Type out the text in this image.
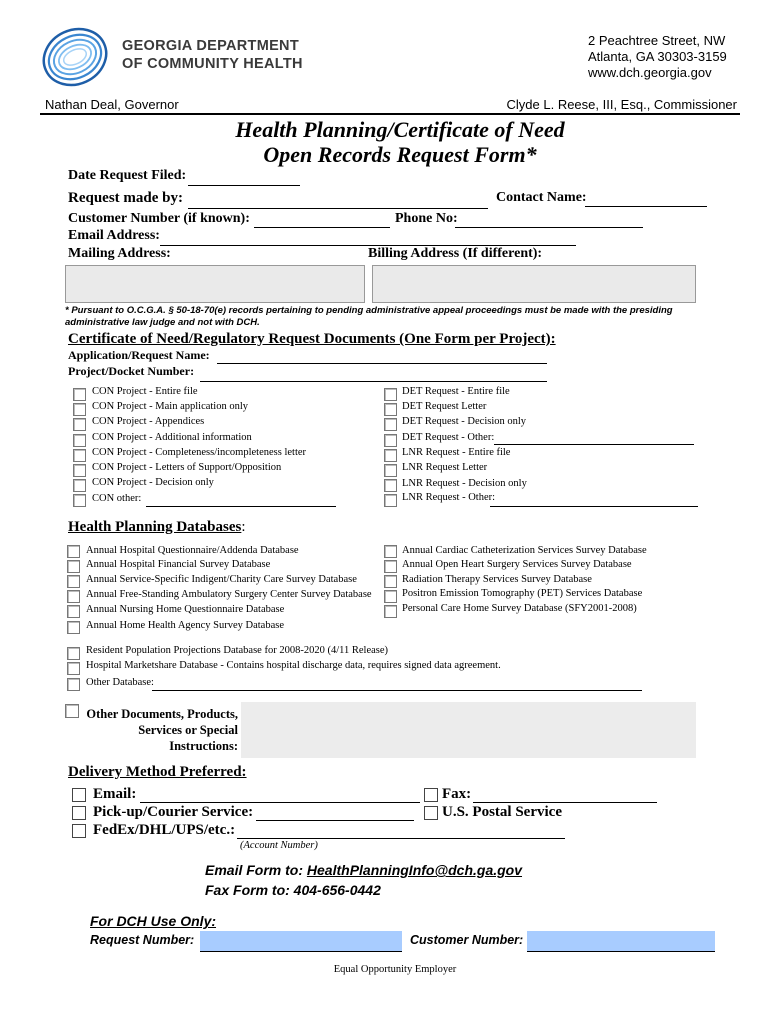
GEORGIA DEPARTMENT
OF COMMUNITY HEALTH
2 Peachtree Street, NW
Atlanta, GA 30303-3159
www.dch.georgia.gov
Nathan Deal, Governor	Clyde L. Reese, III, Esq., Commissioner
Health Planning/Certificate of Need
Open Records Request Form*
Date Request Filed:
Request made by:	Contact Name:
Customer Number (if known):	Phone No:
Email Address:
Mailing Address:	Billing Address (If different):
* Pursuant to O.C.G.A. § 50-18-70(e) records pertaining to pending administrative appeal proceedings must be made with the presiding administrative law judge and not with DCH.
Certificate of Need/Regulatory Request Documents (One Form per Project):
Application/Request Name:
Project/Docket Number:
CON Project - Entire file
CON Project - Main application only
CON Project - Appendices
CON Project - Additional information
CON Project - Completeness/incompleteness letter
CON Project - Letters of Support/Opposition
CON Project - Decision only
CON other:
DET Request - Entire file
DET Request Letter
DET Request - Decision only
DET Request - Other:
LNR Request - Entire file
LNR Request Letter
LNR Request - Decision only
LNR Request - Other:
Health Planning Databases:
Annual Hospital Questionnaire/Addenda Database
Annual Hospital Financial Survey Database
Annual Service-Specific Indigent/Charity Care Survey Database
Annual Free-Standing Ambulatory Surgery Center Survey Database
Annual Nursing Home Questionnaire Database
Annual Home Health Agency Survey Database
Annual Cardiac Catheterization Services Survey Database
Annual Open Heart Surgery Services Survey Database
Radiation Therapy Services Survey Database
Positron Emission Tomography (PET) Services Database
Personal Care Home Survey Database (SFY2001-2008)
Resident Population Projections Database for 2008-2020 (4/11 Release)
Hospital Marketshare Database - Contains hospital discharge data, requires signed data agreement.
Other Database:
Other Documents, Products,
Services or Special
Instructions:
Delivery Method Preferred:
Email:	Fax:
Pick-up/Courier Service:	U.S. Postal Service
FedEx/DHL/UPS/etc.:
(Account Number)
Email Form to: HealthPlanningInfo@dch.ga.gov
Fax Form to: 404-656-0442
For DCH Use Only:
Request Number:	Customer Number:
Equal Opportunity Employer
